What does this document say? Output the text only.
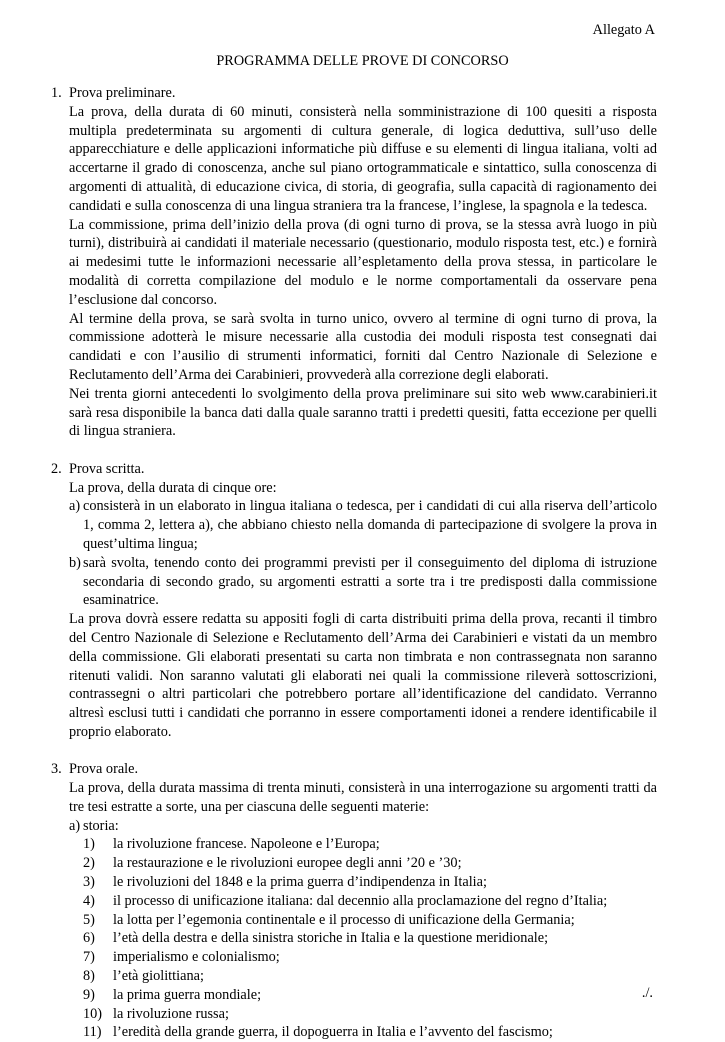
Allegato A
PROGRAMMA DELLE PROVE DI CONCORSO
1. Prova preliminare.

La prova, della durata di 60 minuti, consisterà nella somministrazione di 100 quesiti a risposta multipla predeterminata su argomenti di cultura generale, di logica deduttiva, sull’uso delle apparecchiature e delle applicazioni informatiche più diffuse e su elementi di lingua italiana, volti ad accertarne il grado di conoscenza, anche sul piano ortogrammaticale e sintattico, sulla conoscenza di argomenti di attualità, di educazione civica, di storia, di geografia, sulla capacità di ragionamento dei candidati e sulla conoscenza di una lingua straniera tra la francese, l’inglese, la spagnola e la tedesca.

La commissione, prima dell’inizio della prova (di ogni turno di prova, se la stessa avrà luogo in più turni), distribuirà ai candidati il materiale necessario (questionario, modulo risposta test, etc.) e fornirà ai medesimi tutte le informazioni necessarie all’espletamento della prova stessa, in particolare le modalità di corretta compilazione del modulo e le norme comportamentali da osservare pena l’esclusione dal concorso.

Al termine della prova, se sarà svolta in turno unico, ovvero al termine di ogni turno di prova, la commissione adotterà le misure necessarie alla custodia dei moduli risposta test consegnati dai candidati e con l’ausilio di strumenti informatici, forniti dal Centro Nazionale di Selezione e Reclutamento dell’Arma dei Carabinieri, provvederà alla correzione degli elaborati.

Nei trenta giorni antecedenti lo svolgimento della prova preliminare sui sito web www.carabinieri.it sarà resa disponibile la banca dati dalla quale saranno tratti i predetti quesiti, fatta eccezione per quelli di lingua straniera.

2. Prova scritta.

La prova, della durata di cinque ore:

a) consisterà in un elaborato in lingua italiana o tedesca, per i candidati di cui alla riserva dell’articolo 1, comma 2, lettera a), che abbiano chiesto nella domanda di partecipazione di svolgere la prova in quest’ultima lingua;
b) sarà svolta, tenendo conto dei programmi previsti per il conseguimento del diploma di istruzione secondaria di secondo grado, su argomenti estratti a sorte tra i tre predisposti dalla commissione esaminatrice.

La prova dovrà essere redatta su appositi fogli di carta distribuiti prima della prova, recanti il timbro del Centro Nazionale di Selezione e Reclutamento dell’Arma dei Carabinieri e vistati da un membro della commissione. Gli elaborati presentati su carta non timbrata e non contrassegnata non saranno ritenuti validi. Non saranno valutati gli elaborati nei quali la commissione rileverà sottoscrizioni, contrassegni o altri particolari che potrebbero portare all’identificazione del candidato. Verranno altresì esclusi tutti i candidati che porranno in essere comportamenti idonei a rendere identificabile il proprio elaborato.

3. Prova orale.

La prova, della durata massima di trenta minuti, consisterà in una interrogazione su argomenti tratti da tre tesi estratte a sorte, una per ciascuna delle seguenti materie:

a) storia:
1)	la rivoluzione francese. Napoleone e l’Europa;
2)	la restaurazione e le rivoluzioni europee degli anni ’20 e ’30;
3)	le rivoluzioni del 1848 e la prima guerra d’indipendenza in Italia;
4)	il processo di unificazione italiana: dal decennio alla proclamazione del regno d’Italia;
5)	la lotta per l’egemonia continentale e il processo di unificazione della Germania;
6)	l’età della destra e della sinistra storiche in Italia e la questione meridionale;
7)	imperialismo e colonialismo;
8)	l’età giolittiana;
9)	la prima guerra mondiale;
10) la rivoluzione russa;
11) l’eredità della grande guerra, il dopoguerra in Italia e l’avvento del fascismo;
./.
